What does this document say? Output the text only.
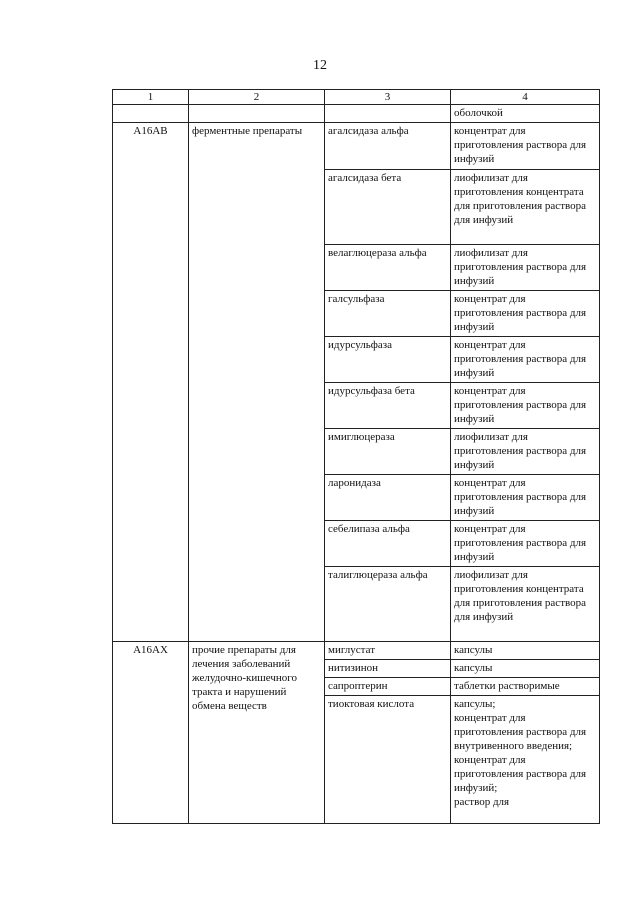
12
1	2	3	4
			оболочкой
A16AB	ферментные препараты	агалсидаза альфа	концентрат для приготовления раствора для инфузий
		агалсидаза бета	лиофилизат для приготовления концентрата для приготовления раствора для инфузий
		велаглюцераза альфа	лиофилизат для приготовления раствора для инфузий
		галсульфаза	концентрат для приготовления раствора для инфузий
		идурсульфаза	концентрат для приготовления раствора для инфузий
		идурсульфаза бета	концентрат для приготовления раствора для инфузий
		имиглюцераза	лиофилизат для приготовления раствора для инфузий
		ларонидаза	концентрат для приготовления раствора для инфузий
		себелипаза альфа	концентрат для приготовления раствора для инфузий
		талиглюцераза альфа	лиофилизат для приготовления концентрата для приготовления раствора для инфузий
A16AX	прочие препараты для лечения заболеваний желудочно-кишечного тракта и нарушений обмена веществ	миглустат	капсулы
		нитизинон	капсулы
		сапроптерин	таблетки растворимые
		тиоктовая кислота	капсулы;
концентрат для приготовления раствора для внутривенного введения;
концентрат для приготовления раствора для инфузий;
раствор для
